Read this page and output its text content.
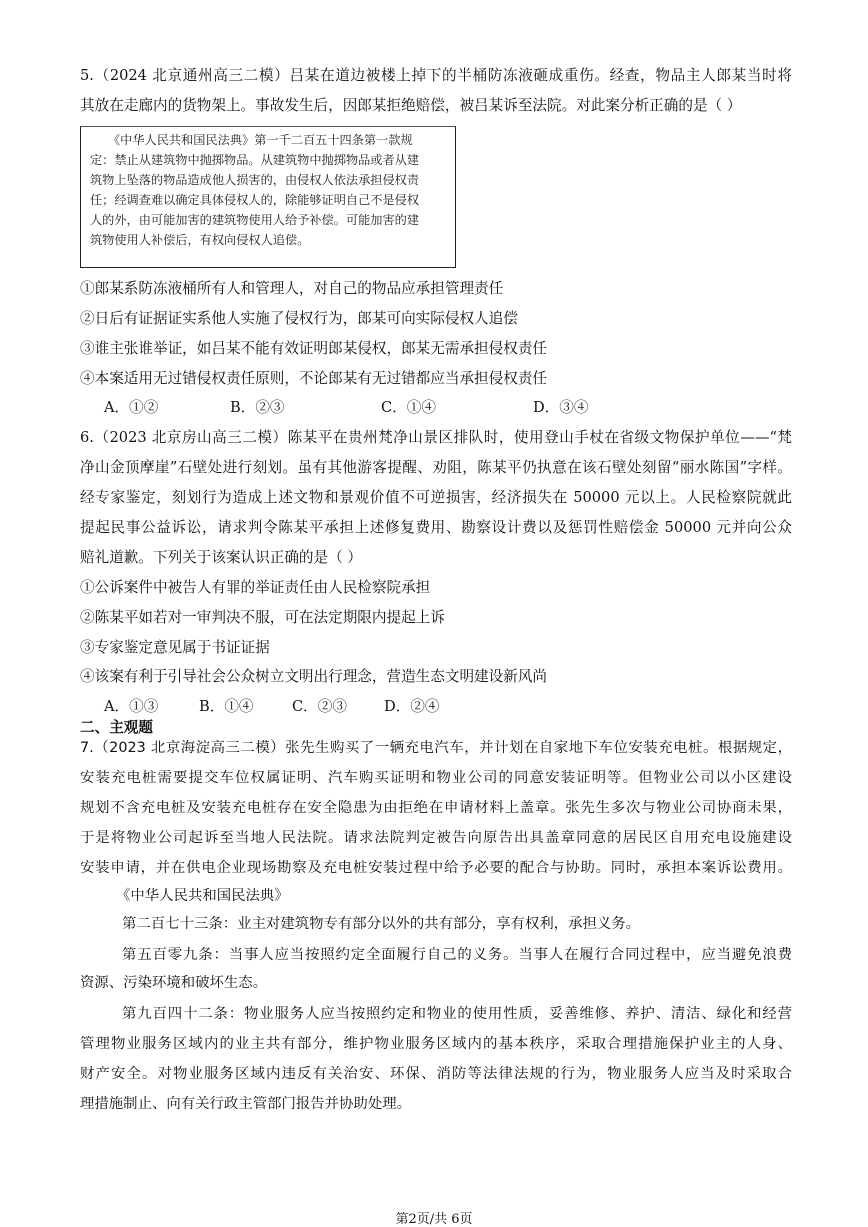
5.（2024 北京通州高三二模）吕某在道边被楼上掉下的半桶防冻液砸成重伤。经查，物品主人郎某当时将
其放在走廊内的货物架上。事故发生后，因郎某拒绝赔偿，被吕某诉至法院。对此案分析正确的是（ ）
《中华人民共和国民法典》第一千二百五十四条第一款规
定：禁止从建筑物中抛掷物品。从建筑物中抛掷物品或者从建
筑物上坠落的物品造成他人损害的，由侵权人依法承担侵权责
任；经调查难以确定具体侵权人的，除能够证明自己不是侵权
人的外，由可能加害的建筑物使用人给予补偿。可能加害的建
筑物使用人补偿后，有权向侵权人追偿。
①郎某系防冻液桶所有人和管理人，对自己的物品应承担管理责任
②日后有证据证实系他人实施了侵权行为，郎某可向实际侵权人追偿
③谁主张谁举证，如吕某不能有效证明郎某侵权，郎某无需承担侵权责任
④本案适用无过错侵权责任原则，不论郎某有无过错都应当承担侵权责任
A．①②	B．②③	C．①④	D．③④
6.（2023 北京房山高三二模）陈某平在贵州梵净山景区排队时，使用登山手杖在省级文物保护单位——“梵
净山金顶摩崖”石壁处进行刻划。虽有其他游客提醒、劝阻，陈某平仍执意在该石壁处刻留“丽水陈国”字样。
经专家鉴定，刻划行为造成上述文物和景观价值不可逆损害，经济损失在 50000 元以上。人民检察院就此
提起民事公益诉讼，请求判令陈某平承担上述修复费用、勘察设计费以及惩罚性赔偿金 50000 元并向公众
赔礼道歉。下列关于该案认识正确的是（ ）
①公诉案件中被告人有罪的举证责任由人民检察院承担
②陈某平如若对一审判决不服，可在法定期限内提起上诉
③专家鉴定意见属于书证证据
④该案有利于引导社会公众树立文明出行理念，营造生态文明建设新风尚
A．①③	B．①④	C．②③	D．②④
二、主观题
7.（2023 北京海淀高三二模）张先生购买了一辆充电汽车，并计划在自家地下车位安装充电桩。根据规定，
安装充电桩需要提交车位权属证明、汽车购买证明和物业公司的同意安装证明等。但物业公司以小区建设
规划不含充电桩及安装充电桩存在安全隐患为由拒绝在申请材料上盖章。张先生多次与物业公司协商未果，
于是将物业公司起诉至当地人民法院。请求法院判定被告向原告出具盖章同意的居民区自用充电设施建设
安装申请，并在供电企业现场勘察及充电桩安装过程中给予必要的配合与协助。同时，承担本案诉讼费用。
《中华人民共和国民法典》
第二百七十三条：业主对建筑物专有部分以外的共有部分，享有权利，承担义务。
第五百零九条：当事人应当按照约定全面履行自己的义务。当事人在履行合同过程中，应当避免浪费
资源、污染环境和破坏生态。
第九百四十二条：物业服务人应当按照约定和物业的使用性质，妥善维修、养护、清洁、绿化和经营
管理物业服务区域内的业主共有部分，维护物业服务区域内的基本秩序，采取合理措施保护业主的人身、
财产安全。对物业服务区域内违反有关治安、环保、消防等法律法规的行为，物业服务人应当及时采取合
理措施制止、向有关行政主管部门报告并协助处理。
第2页/共 6页
